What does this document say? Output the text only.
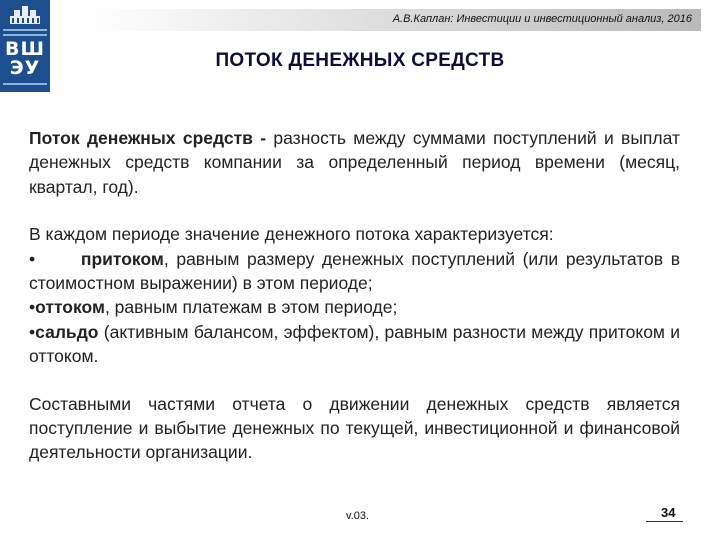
ВШ
ЭУ
А.В.Каплан: Инвестиции и инвестиционный анализ, 2016
ПОТОК ДЕНЕЖНЫХ СРЕДСТВ

Поток денежных средств - разность между суммами поступлений и выплат денежных средств компании за определенный период времени (месяц, квартал, год).

В каждом периоде значение денежного потока характеризуется:
•	притоком, равным размеру денежных поступлений (или результатов в стоимостном выражении) в этом периоде;
•оттоком, равным платежам в этом периоде;
•сальдо (активным балансом, эффектом), равным разности между притоком и оттоком.

Составными частями отчета о движении денежных средств является поступление и выбытие денежных по текущей, инвестиционной и финансовой деятельности организации.

v.03.	34
